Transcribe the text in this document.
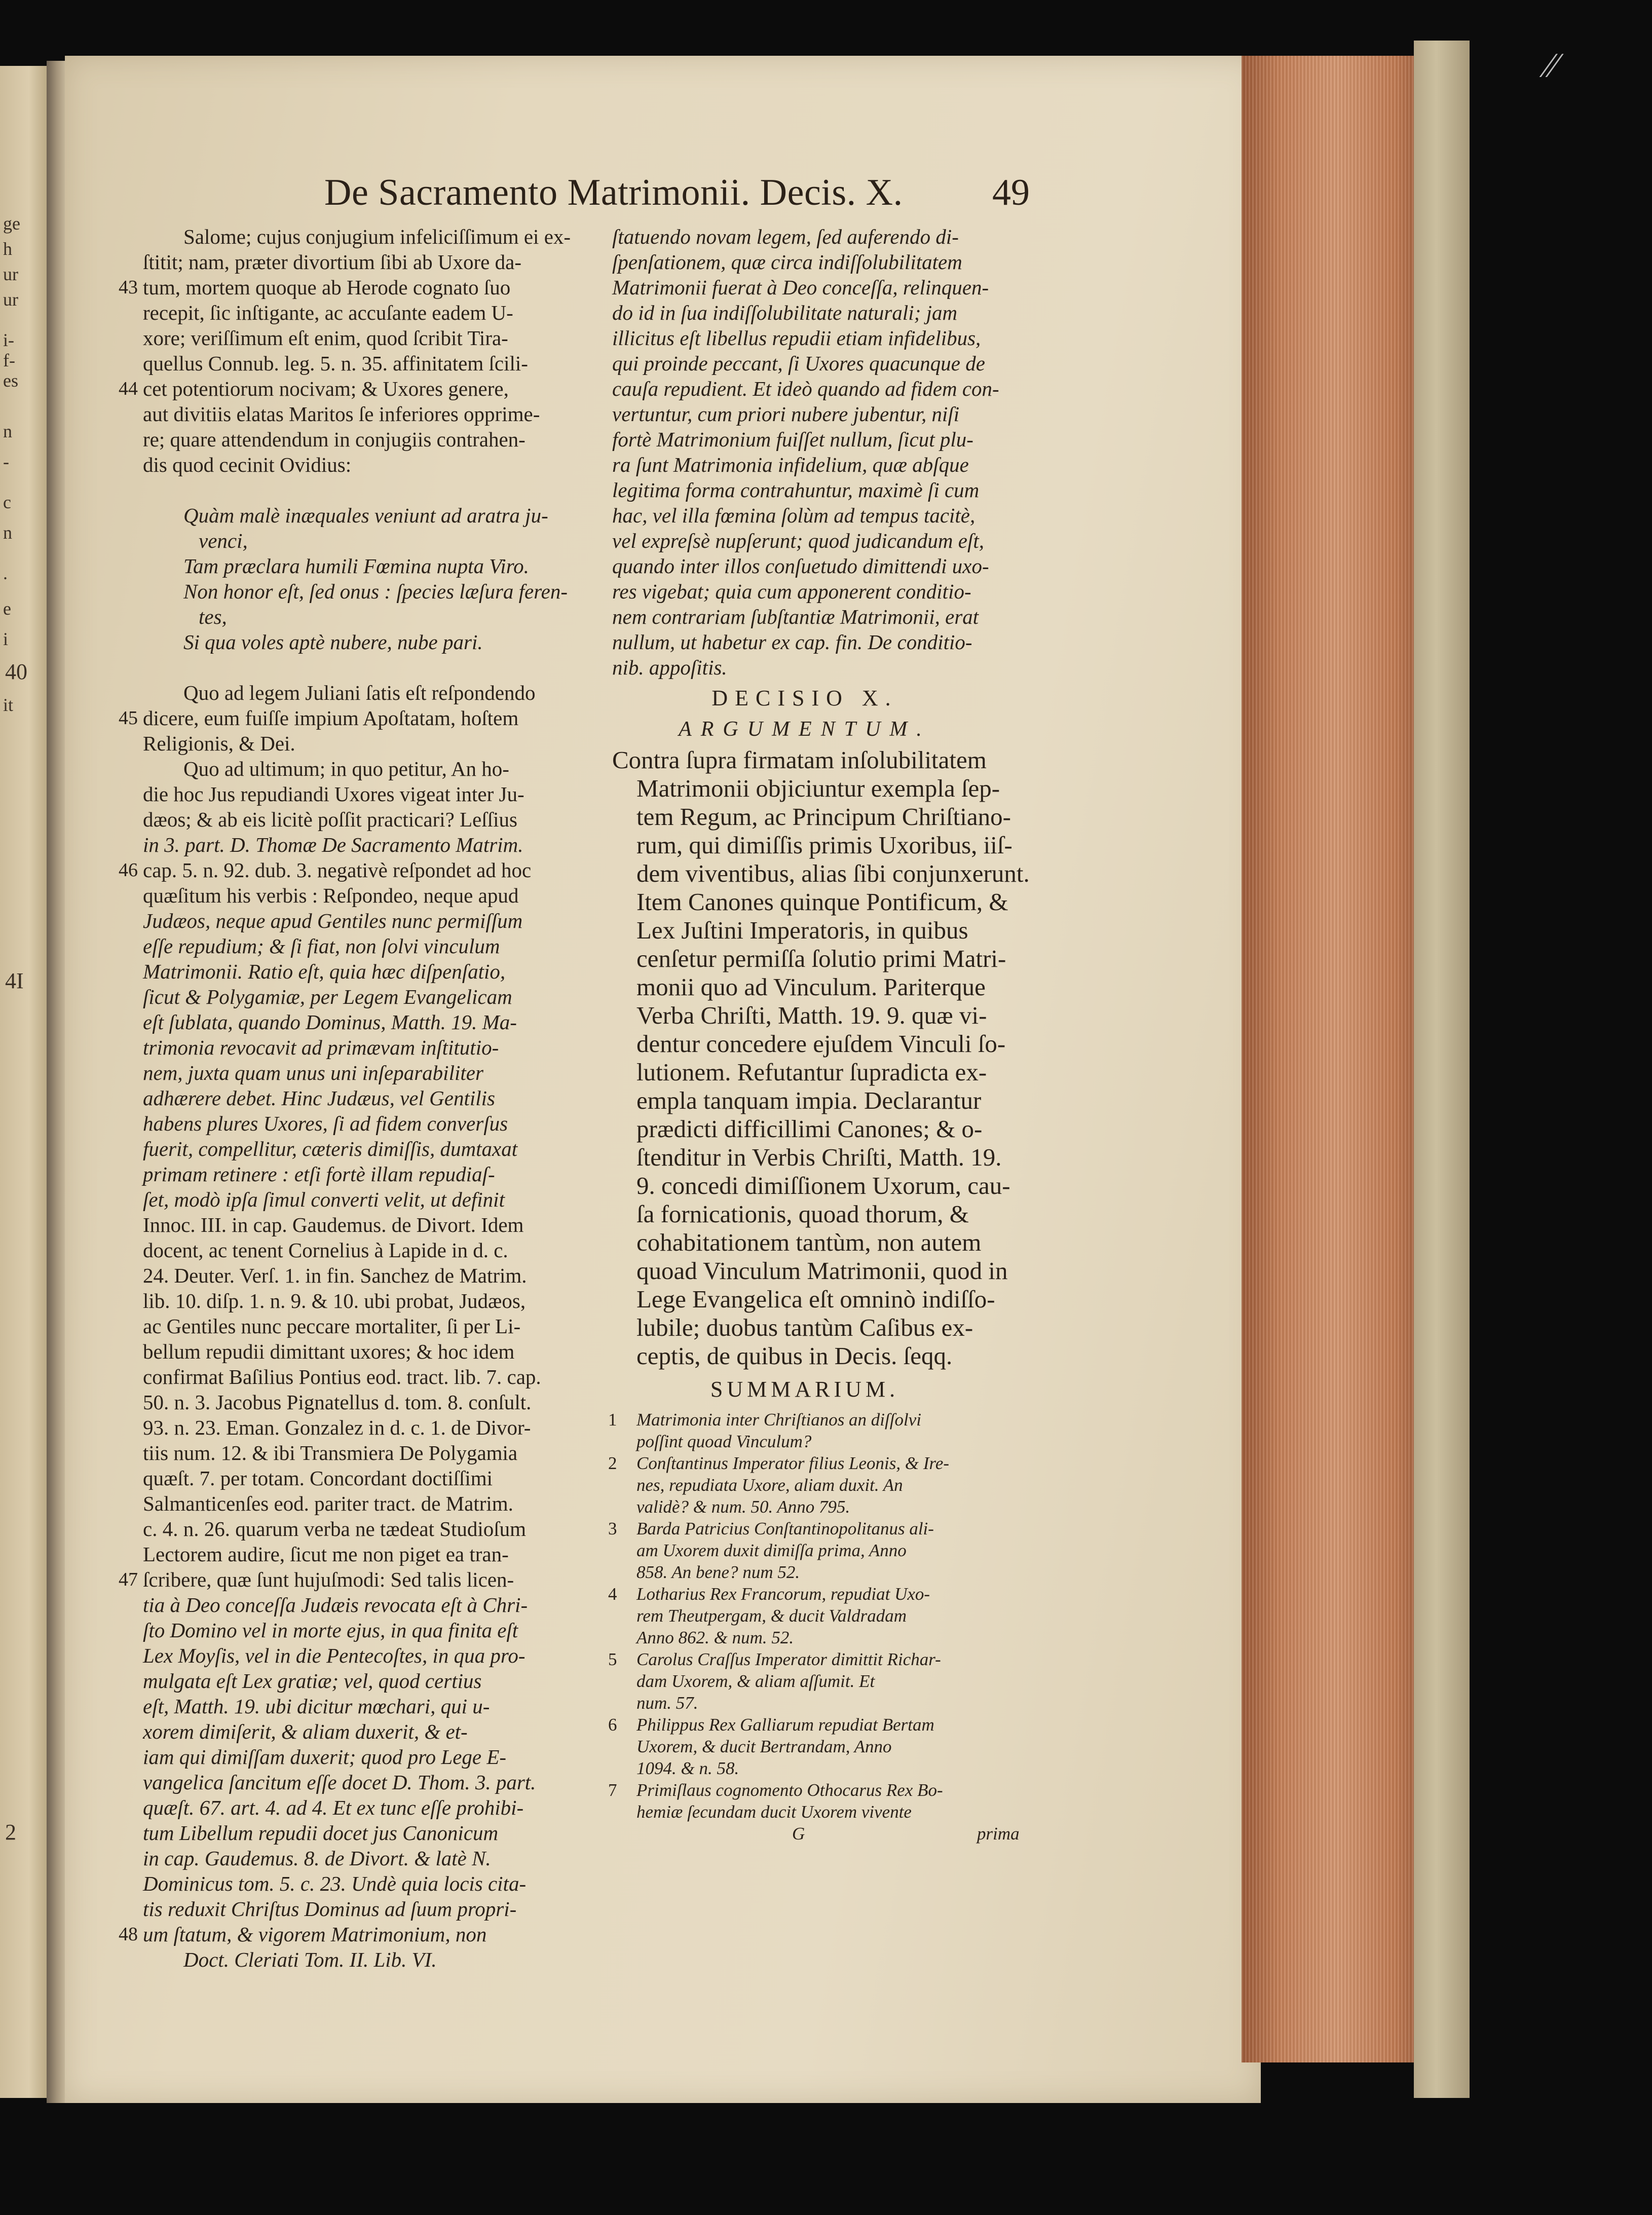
ge
h
ur
ur
i-
f-
es
n
-
c
n
.
e
i
40
it
4I
2
⁄⁄
De Sacramento Matrimonii. Decis. X. 49
Salome; cujus conjugium infeliciſſimum ei ex-
ſtitit; nam, præter divortium ſibi ab Uxore da-
tum, mortem quoque ab Herode cognato ſuo
43
recepit, ſic inſtigante, ac accuſante eadem U-
xore; veriſſimum eſt enim, quod ſcribit Tira-
quellus Connub. leg. 5. n. 35. affinitatem ſcili-
cet potentiorum nocivam; & Uxores genere,
44
aut divitiis elatas Maritos ſe inferiores opprime-
re; quare attendendum in conjugiis contrahen-
dis quod cecinit Ovidius:
Quàm malè inæquales veniunt ad aratra ju-
venci,
Tam præclara humili Fœmina nupta Viro.
Non honor eſt, ſed onus : ſpecies læſura feren-
tes,
Si qua voles aptè nubere, nube pari.
Quo ad legem Juliani ſatis eſt reſpondendo
dicere, eum fuiſſe impium Apoſtatam, hoſtem
45
Religionis, & Dei.
Quo ad ultimum; in quo petitur, An ho-
die hoc Jus repudiandi Uxores vigeat inter Ju-
dæos; & ab eis licitè poſſit practicari? Leſſius
in 3. part. D. Thomæ De Sacramento Matrim.
cap. 5. n. 92. dub. 3. negativè reſpondet ad hoc
46
quæſitum his verbis : Reſpondeo, neque apud
Judæos, neque apud Gentiles nunc permiſſum
eſſe repudium; & ſi fiat, non ſolvi vinculum
Matrimonii. Ratio eſt, quia hæc diſpenſatio,
ſicut & Polygamiæ, per Legem Evangelicam
eſt ſublata, quando Dominus, Matth. 19. Ma-
trimonia revocavit ad primævam inſtitutio-
nem, juxta quam unus uni inſeparabiliter
adhærere debet. Hinc Judæus, vel Gentilis
habens plures Uxores, ſi ad fidem converſus
fuerit, compellitur, cæteris dimiſſis, dumtaxat
primam retinere : etſi fortè illam repudiaſ-
ſet, modò ipſa ſimul converti velit, ut definit
Innoc. III. in cap. Gaudemus. de Divort. Idem
docent, ac tenent Cornelius à Lapide in d. c.
24. Deuter. Verſ. 1. in fin. Sanchez de Matrim.
lib. 10. diſp. 1. n. 9. & 10. ubi probat, Judæos,
ac Gentiles nunc peccare mortaliter, ſi per Li-
bellum repudii dimittant uxores; & hoc idem
confirmat Baſilius Pontius eod. tract. lib. 7. cap.
50. n. 3. Jacobus Pignatellus d. tom. 8. conſult.
93. n. 23. Eman. Gonzalez in d. c. 1. de Divor-
tiis num. 12. & ibi Transmiera De Polygamia
quæſt. 7. per totam. Concordant doctiſſimi
Salmanticenſes eod. pariter tract. de Matrim.
c. 4. n. 26. quarum verba ne tædeat Studioſum
Lectorem audire, ſicut me non piget ea tran-
ſcribere, quæ ſunt hujuſmodi: Sed talis licen-
47
tia à Deo conceſſa Judæis revocata eſt à Chri-
ſto Domino vel in morte ejus, in qua finita eſt
Lex Moyſis, vel in die Pentecoſtes, in qua pro-
mulgata eſt Lex gratiæ; vel, quod certius
eſt, Matth. 19. ubi dicitur mœchari, qui u-
xorem dimiſerit, & aliam duxerit, & et-
iam qui dimiſſam duxerit; quod pro Lege E-
vangelica ſancitum eſſe docet D. Thom. 3. part.
quæſt. 67. art. 4. ad 4. Et ex tunc eſſe prohibi-
tum Libellum repudii docet jus Canonicum
in cap. Gaudemus. 8. de Divort. & latè N.
Dominicus tom. 5. c. 23. Undè quia locis cita-
tis reduxit Chriſtus Dominus ad ſuum propri-
um ſtatum, & vigorem Matrimonium, non
48
Doct. Cleriati Tom. II. Lib. VI.
ſtatuendo novam legem, ſed auferendo di-
ſpenſationem, quæ circa indiſſolubilitatem
Matrimonii fuerat à Deo conceſſa, relinquen-
do id in ſua indiſſolubilitate naturali; jam
illicitus eſt libellus repudii etiam infidelibus,
qui proinde peccant, ſi Uxores quacunque de
cauſa repudient. Et ideò quando ad fidem con-
vertuntur, cum priori nubere jubentur, niſi
fortè Matrimonium fuiſſet nullum, ſicut plu-
ra ſunt Matrimonia infidelium, quæ abſque
legitima forma contrahuntur, maximè ſi cum
hac, vel illa fœmina ſolùm ad tempus tacitè,
vel expreſsè nupſerunt; quod judicandum eſt,
quando inter illos conſuetudo dimittendi uxo-
res vigebat; quia cum apponerent conditio-
nem contrariam ſubſtantiæ Matrimonii, erat
nullum, ut habetur ex cap. fin. De conditio-
nib. appoſitis.
DECISIO X.
ARGUMENTUM.
Contra ſupra firmatam inſolubilitatem
Matrimonii objiciuntur exempla ſep-
tem Regum, ac Principum Chriſtiano-
rum, qui dimiſſis primis Uxoribus, iiſ-
dem viventibus, alias ſibi conjunxerunt.
Item Canones quinque Pontificum, &
Lex Juſtini Imperatoris, in quibus
cenſetur permiſſa ſolutio primi Matri-
monii quo ad Vinculum. Pariterque
Verba Chriſti, Matth. 19. 9. quæ vi-
dentur concedere ejuſdem Vinculi ſo-
lutionem. Refutantur ſupradicta ex-
empla tanquam impia. Declarantur
prædicti difficillimi Canones; & o-
ſtenditur in Verbis Chriſti, Matth. 19.
9. concedi dimiſſionem Uxorum, cau-
ſa fornicationis, quoad thorum, &
cohabitationem tantùm, non autem
quoad Vinculum Matrimonii, quod in
Lege Evangelica eſt omninò indiſſo-
lubile; duobus tantùm Caſibus ex-
ceptis, de quibus in Decis. ſeqq.
SUMMARIUM.
1 Matrimonia inter Chriſtianos an diſſolvi
poſſint quoad Vinculum?
2 Conſtantinus Imperator filius Leonis, & Ire-
nes, repudiata Uxore, aliam duxit. An
validè? & num. 50. Anno 795.
3 Barda Patricius Conſtantinopolitanus ali-
am Uxorem duxit dimiſſa prima, Anno
858. An bene? num 52.
4 Lotharius Rex Francorum, repudiat Uxo-
rem Theutpergam, & ducit Valdradam
Anno 862. & num. 52.
5 Carolus Craſſus Imperator dimittit Richar-
dam Uxorem, & aliam aſſumit. Et
num. 57.
6 Philippus Rex Galliarum repudiat Bertam
Uxorem, & ducit Bertrandam, Anno
1094. & n. 58.
7 Primiſlaus cognomento Othocarus Rex Bo-
hemiæ ſecundam ducit Uxorem vivente
G	prima
